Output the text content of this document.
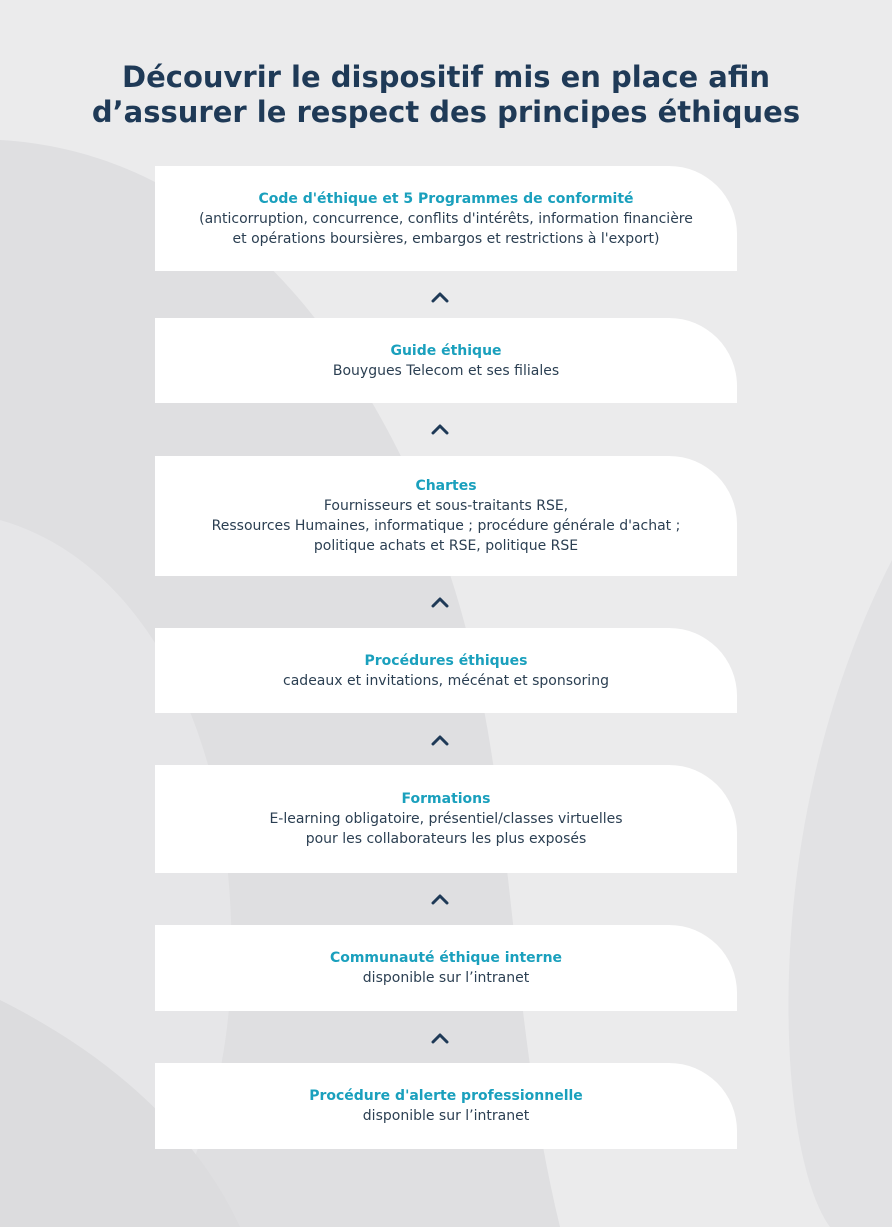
Découvrir le dispositif mis en place afin
d’assurer le respect des principes éthiques
Code d'éthique et 5 Programmes de conformité
(anticorruption, concurrence, conflits d'intérêts, information financière
et opérations boursières, embargos et restrictions à l'export)
Guide éthique
Bouygues Telecom et ses filiales
Chartes
Fournisseurs et sous-traitants RSE,
Ressources Humaines, informatique ; procédure générale d'achat ;
politique achats et RSE, politique RSE
Procédures éthiques
cadeaux et invitations, mécénat et sponsoring
Formations
E-learning obligatoire, présentiel/classes virtuelles
pour les collaborateurs les plus exposés
Communauté éthique interne
disponible sur l’intranet
Procédure d'alerte professionnelle
disponible sur l’intranet
